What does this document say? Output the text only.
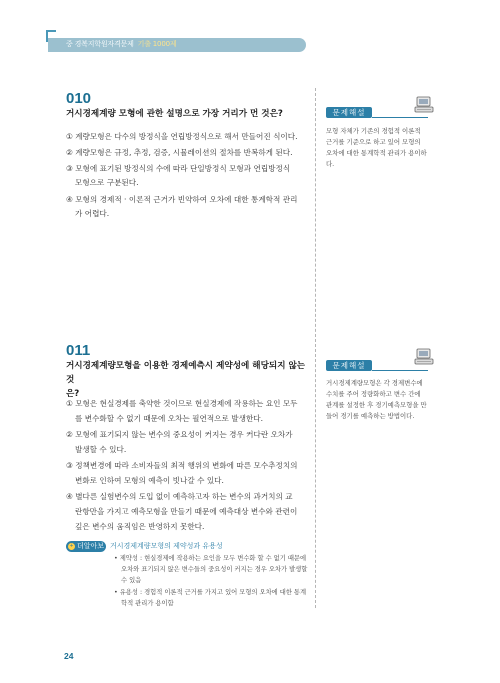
중 경복지학원자격문제 기출 1000제
010
거시경제계량 모형에 관한 설명으로 가장 거리가 먼 것은?
① 계량모형은 다수의 방정식을 연립방정식으로 해서 만들어진 식이다.
② 계량모형은 규정, 추정, 검증, 시뮬레이션의 절차를 반복하게 된다.
③ 모형에 표기된 방정식의 수에 따라 단일방정식 모형과 연립방정식
모형으로 구분된다.
④ 모형의 경제적 · 이론적 근거가 빈약하여 오차에 대한 통계학적 관리
가 어렵다.
문제해설
모형 자체가 기존의 경험적 이론적
근거를 기준으로 하고 있어 모형의
오차에 대한 통계학적 관리가 용이하
다.
011
거시경제계량모형을 이용한 경제예측시 제약성에 해당되지 않는 것
은?
① 모형은 현실경제를 축약한 것이므로 현실경제에 작용하는 요인 모두
를 변수화할 수 없기 때문에 오차는 필연적으로 발생한다.
② 모형에 표기되지 않는 변수의 중요성이 커지는 경우 커다란 오차가
발생할 수 있다.
③ 정책변경에 따라 소비자들의 최적 행위의 변화에 따른 모수추정치의
변화로 인하여 모형의 예측이 빗나갈 수 있다.
④ 별다른 실험변수의 도입 없이 예측하고자 하는 변수의 과거치의 교
란항만을 가지고 예측모형을 만들기 때문에 예측대상 변수와 관련이
깊은 변수의 움직임은 반영하지 못한다.
문제해설
거시경제계량모형은 각 경제변수에
수치를 주어 정량화하고 변수 간에
관계를 설정한 후 경기예측모형을 만
들어 경기를 예측하는 방법이다.
+ 더알아보기
거시경제계량모형의 제약성과 유용성
• 제약성 : 현실경제에 작용하는 요인을 모두 변수화 할 수 없기 때문에
오차와 표기되지 않은 변수들의 중요성이 커지는 경우 오차가 발생할
수 있음
• 유용성 : 경험적 이론적 근거를 가지고 있어 모형의 오차에 대한 통계
학적 관리가 용이함
24
